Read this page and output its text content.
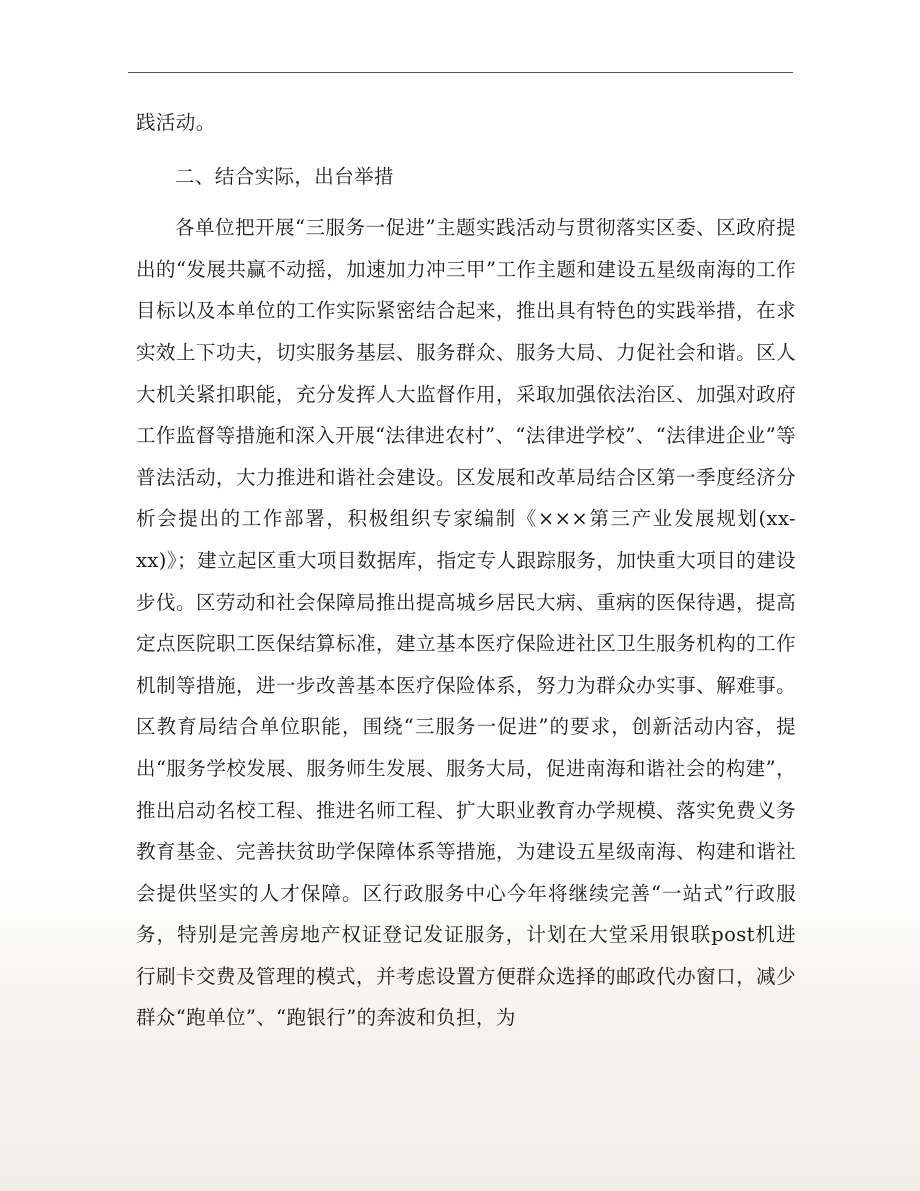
践活动。

二、结合实际，出台举措

各单位把开展“三服务一促进”主题实践活动与贯彻落实区委、区政府提出的“发展共赢不动摇，加速加力冲三甲”工作主题和建设五星级南海的工作目标以及本单位的工作实际紧密结合起来，推出具有特色的实践举措，在求实效上下功夫，切实服务基层、服务群众、服务大局、力促社会和谐。区人大机关紧扣职能，充分发挥人大监督作用，采取加强依法治区、加强对政府工作监督等措施和深入开展“法律进农村”、“法律进学校”、“法律进企业”等普法活动，大力推进和谐社会建设。区发展和改革局结合区第一季度经济分析会提出的工作部署，积极组织专家编制《×××第三产业发展规划(xx-xx)》；建立起区重大项目数据库，指定专人跟踪服务，加快重大项目的建设步伐。区劳动和社会保障局推出提高城乡居民大病、重病的医保待遇，提高定点医院职工医保结算标准，建立基本医疗保险进社区卫生服务机构的工作机制等措施，进一步改善基本医疗保险体系，努力为群众办实事、解难事。区教育局结合单位职能，围绕“三服务一促进”的要求，创新活动内容，提出“服务学校发展、服务师生发展、服务大局，促进南海和谐社会的构建”，推出启动名校工程、推进名师工程、扩大职业教育办学规模、落实免费义务教育基金、完善扶贫助学保障体系等措施，为建设五星级南海、构建和谐社会提供坚实的人才保障。区行政服务中心今年将继续完善“一站式”行政服务，特别是完善房地产权证登记发证服务，计划在大堂采用银联post机进行刷卡交费及管理的模式，并考虑设置方便群众选择的邮政代办窗口，减少群众“跑单位”、“跑银行”的奔波和负担，为
